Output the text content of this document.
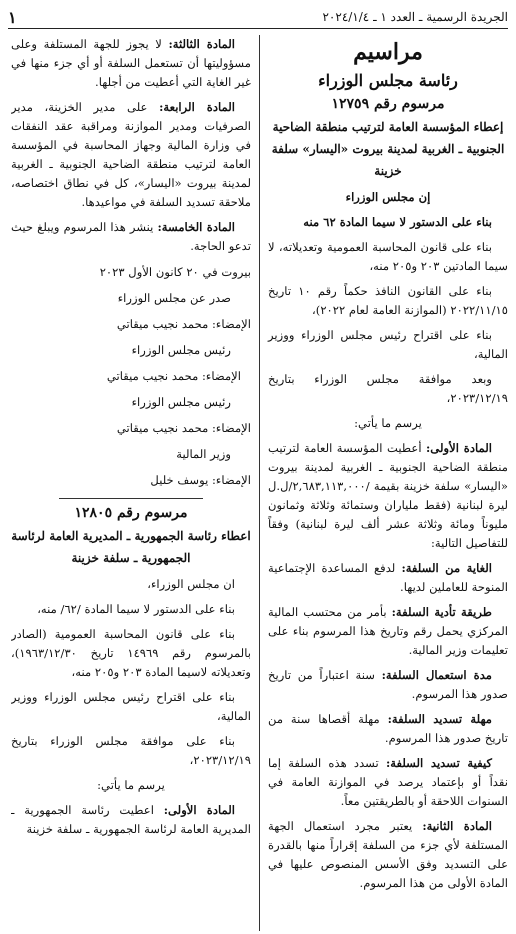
الجريدة الرسمية ـ العدد ١ ـ ٢٠٢٤/١/٤
١
مراسيم
رئاسة مجلس الوزراء
مرسوم رقم ١٢٧٥٩

إعطاء المؤسسة العامة لترتيب منطقة الضاحية الجنوبية ـ الغربية لمدينة بيروت «اليسار» سلفة خزينة

إن مجلس الوزراء

بناء على الدستور لا سيما المادة ٦٢ منه

بناء على قانون المحاسبة العمومية وتعديلاته، لا سيما المادتين ٢٠٣ و٢٠٥ منه،

بناء على القانون النافذ حكماً رقم ١٠ تاريخ ٢٠٢٢/١١/١٥ (الموازنة العامة لعام ٢٠٢٢)،

بناء على اقتراح رئيس مجلس الوزراء ووزير المالية،

وبعد موافقة مجلس الوزراء بتاريخ ٢٠٢٣/١٢/١٩،

يرسم ما يأتي:

المادة الأولى: أعطيت المؤسسة العامة لترتيب منطقة الضاحية الجنوبية ـ الغربية لمدينة بيروت «اليسار» سلفة خزينة بقيمة /٢,٦٨٣,١١٣,٠٠٠/ل.ل ليرة لبنانية (فقط ملياران وستمائة وثلاثة وثمانون مليوناً ومائة وثلاثة عشر ألف ليرة لبنانية) وفقاً للتفاصيل التالية:

الغاية من السلفة: لدفع المساعدة الإجتماعية المنوحة للعاملين لديها.

طريقة تأدية السلفة: بأمر من محتسب المالية المركزي يحمل رقم وتاريخ هذا المرسوم بناء على تعليمات وزير المالية.

مدة استعمال السلفة: سنة اعتباراً من تاريخ صدور هذا المرسوم.

مهلة تسديد السلفة: مهلة أقصاها سنة من تاريخ صدور هذا المرسوم.

كيفية تسديد السلفة: تسدد هذه السلفة إما نقداً أو بإعتماد يرصد في الموازنة العامة في السنوات اللاحقة أو بالطريقتين معاً.

المادة الثانية: يعتبر مجرد استعمال الجهة المستلفة لأي جزء من السلفة إقراراً منها بالقدرة على التسديد وفق الأسس المنصوص عليها في المادة الأولى من هذا المرسوم.

المادة الثالثة: لا يجوز للجهة المستلفة وعلى مسؤوليتها أن تستعمل السلفة أو أي جزء منها في غير الغاية التي أعطيت من أجلها.

المادة الرابعة: على مدير الخزينة، مدير الصرفيات ومدير الموازنة ومراقبة عقد النفقات في وزارة المالية وجهاز المحاسبة في المؤسسة العامة لترتيب منطقة الضاحية الجنوبية ـ الغربية لمدينة بيروت «اليسار»، كل في نطاق اختصاصه، ملاحقة تسديد السلفة في مواعيدها.

المادة الخامسة: ينشر هذا المرسوم ويبلغ حيث تدعو الحاجة.

بيروت في ٢٠ كانون الأول ٢٠٢٣

صدر عن مجلس الوزراء

الإمضاء: محمد نجيب ميقاتي

رئيس مجلس الوزراء

الإمضاء: محمد نجيب ميقاتي

رئيس مجلس الوزراء

الإمضاء: محمد نجيب ميقاتي

وزير المالية

الإمضاء: يوسف خليل

مرسوم رقم ١٢٨٠٥

اعطاء رئاسة الجمهورية ـ المديرية العامة لرئاسة الجمهورية ـ سلفة خزينة

ان مجلس الوزراء،

بناء على الدستور لا سيما المادة /٦٢/ منه،

بناء على قانون المحاسبة العمومية (الصادر بالمرسوم رقم ١٤٩٦٩ تاريخ ١٩٦٣/١٢/٣٠)، وتعديلاته لاسيما المادة ٢٠٣ و٢٠٥ منه،

بناء على اقتراح رئيس مجلس الوزراء ووزير المالية،

بناء على موافقة مجلس الوزراء بتاريخ ٢٠٢٣/١٢/١٩،

يرسم ما يأتي:

المادة الأولى: اعطيت رئاسة الجمهورية ـ المديرية العامة لرئاسة الجمهورية ـ سلفة خزينة
